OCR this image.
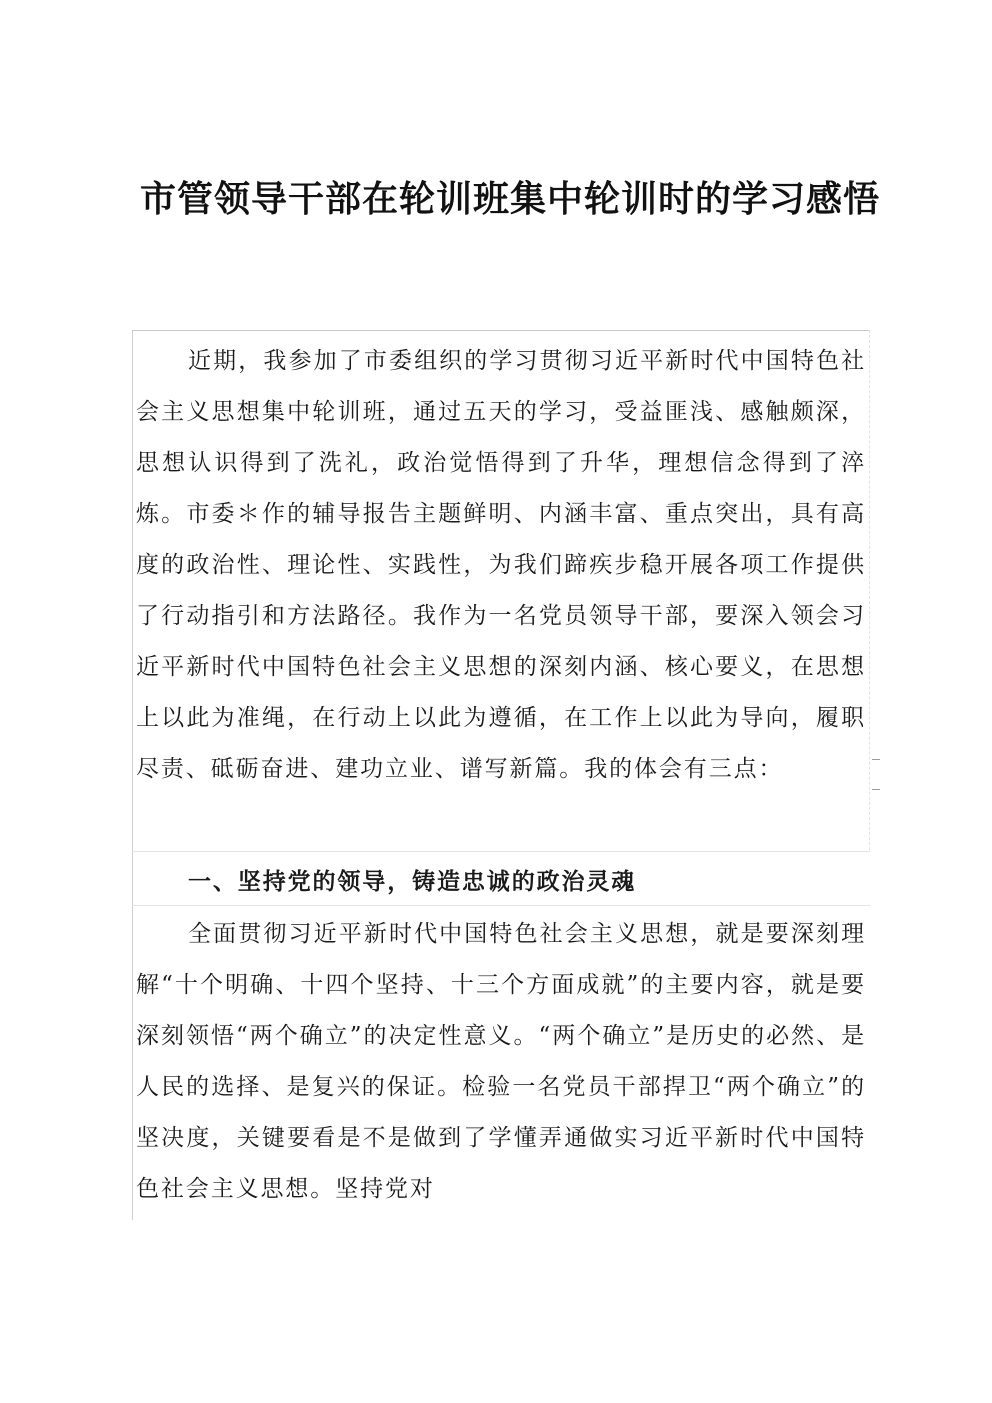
市管领导干部在轮训班集中轮训时的学习感悟

近期，我参加了市委组织的学习贯彻习近平新时代中国特色社会主义思想集中轮训班，通过五天的学习，受益匪浅、感触颇深，思想认识得到了洗礼，政治觉悟得到了升华，理想信念得到了淬炼。市委＊作的辅导报告主题鲜明、内涵丰富、重点突出，具有高度的政治性、理论性、实践性，为我们蹄疾步稳开展各项工作提供了行动指引和方法路径。我作为一名党员领导干部，要深入领会习近平新时代中国特色社会主义思想的深刻内涵、核心要义，在思想上以此为准绳，在行动上以此为遵循，在工作上以此为导向，履职尽责、砥砺奋进、建功立业、谱写新篇。我的体会有三点：

一、坚持党的领导，铸造忠诚的政治灵魂

全面贯彻习近平新时代中国特色社会主义思想，就是要深刻理解“十个明确、十四个坚持、十三个方面成就”的主要内容，就是要深刻领悟“两个确立”的决定性意义。“两个确立”是历史的必然、是人民的选择、是复兴的保证。检验一名党员干部捍卫“两个确立”的坚决度，关键要看是不是做到了学懂弄通做实习近平新时代中国特色社会主义思想。坚持党对
